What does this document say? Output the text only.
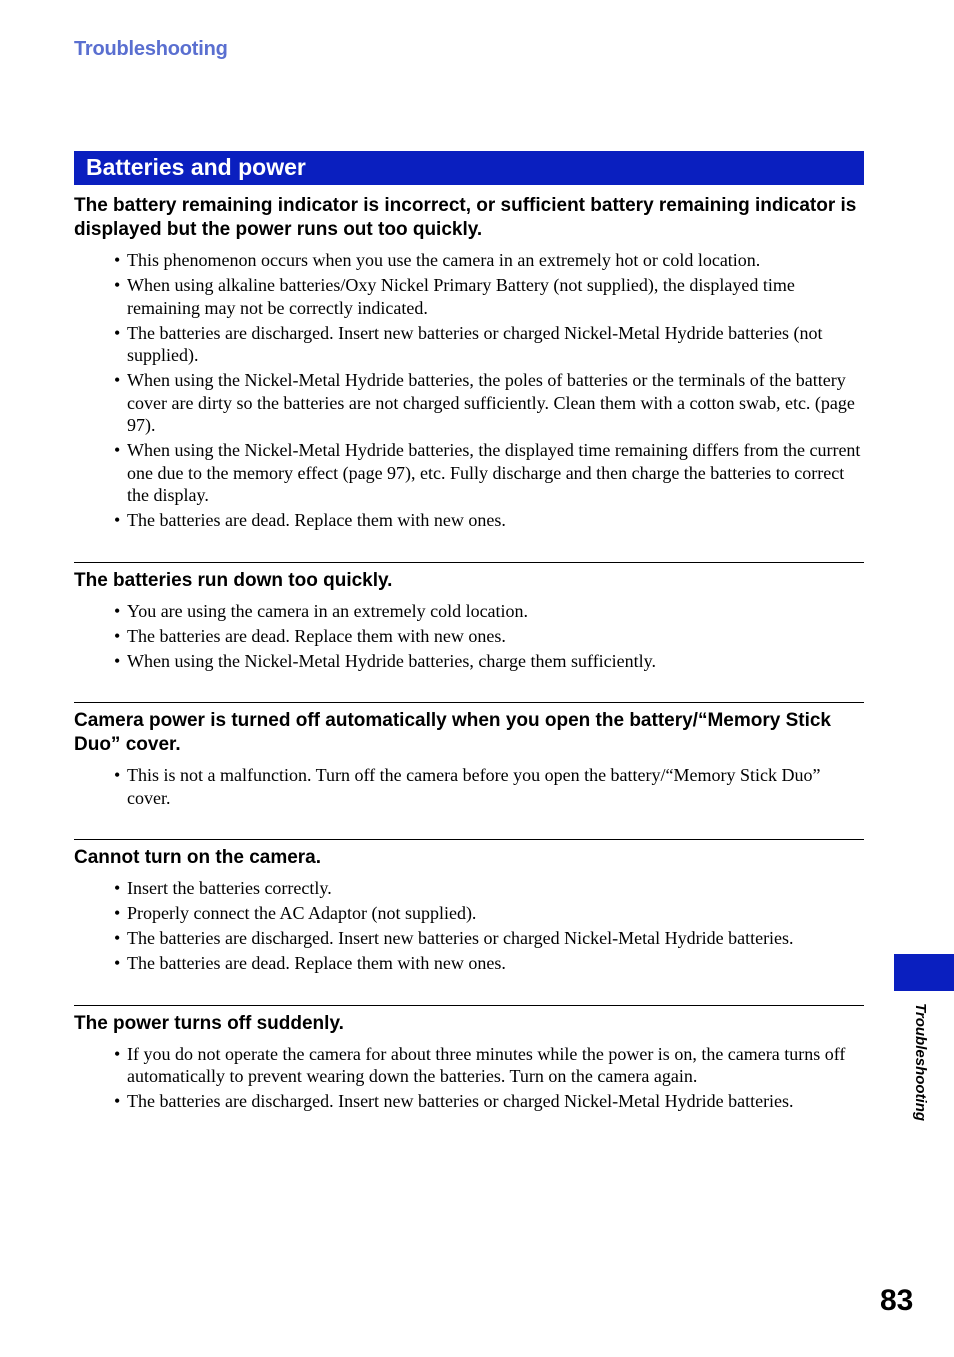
Troubleshooting
Batteries and power
The battery remaining indicator is incorrect, or sufficient battery remaining indicator is displayed but the power runs out too quickly.
• This phenomenon occurs when you use the camera in an extremely hot or cold location.
• When using alkaline batteries/Oxy Nickel Primary Battery (not supplied), the displayed time remaining may not be correctly indicated.
• The batteries are discharged. Insert new batteries or charged Nickel-Metal Hydride batteries (not supplied).
• When using the Nickel-Metal Hydride batteries, the poles of batteries or the terminals of the battery cover are dirty so the batteries are not charged sufficiently. Clean them with a cotton swab, etc. (page 97).
• When using the Nickel-Metal Hydride batteries, the displayed time remaining differs from the current one due to the memory effect (page 97), etc. Fully discharge and then charge the batteries to correct the display.
• The batteries are dead. Replace them with new ones.
The batteries run down too quickly.
• You are using the camera in an extremely cold location.
• The batteries are dead. Replace them with new ones.
• When using the Nickel-Metal Hydride batteries, charge them sufficiently.
Camera power is turned off automatically when you open the battery/“Memory Stick Duo” cover.
• This is not a malfunction. Turn off the camera before you open the battery/“Memory Stick Duo” cover.
Cannot turn on the camera.
• Insert the batteries correctly.
• Properly connect the AC Adaptor (not supplied).
• The batteries are discharged. Insert new batteries or charged Nickel-Metal Hydride batteries.
• The batteries are dead. Replace them with new ones.
The power turns off suddenly.
• If you do not operate the camera for about three minutes while the power is on, the camera turns off automatically to prevent wearing down the batteries. Turn on the camera again.
• The batteries are discharged. Insert new batteries or charged Nickel-Metal Hydride batteries.	Troubleshooting
83
